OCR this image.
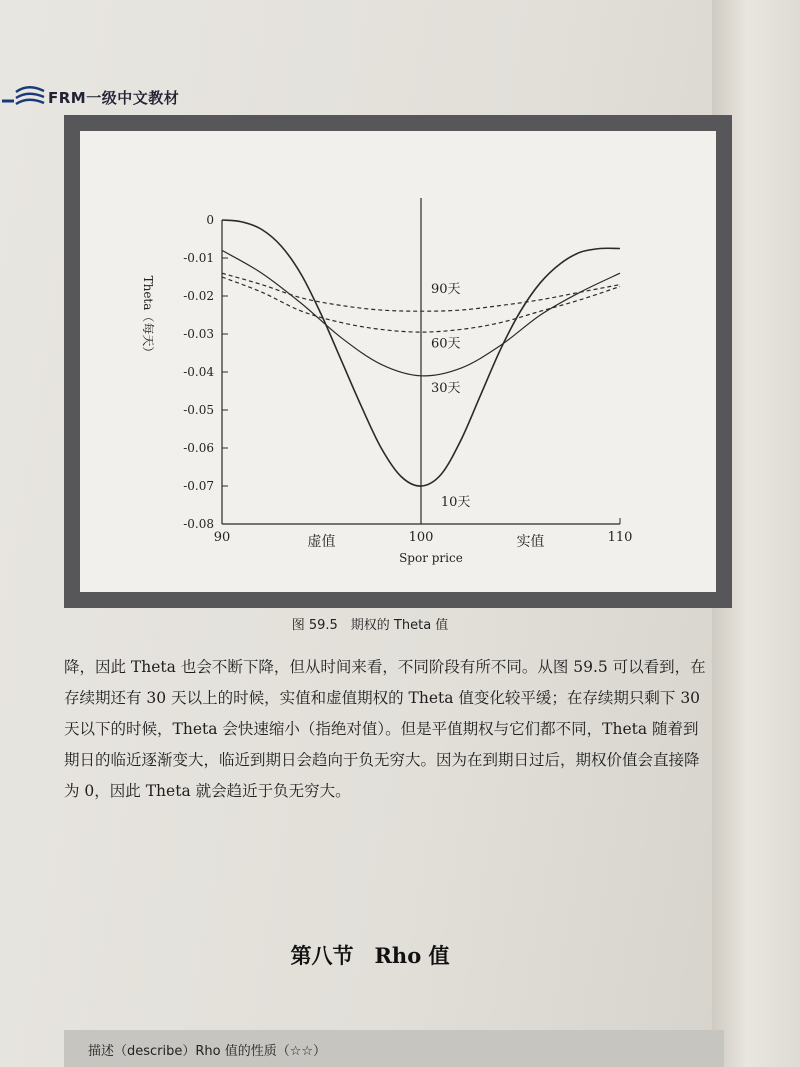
FRM一级中文教材
0
-0.01
-0.02
-0.03
-0.04
-0.05
-0.06
-0.07
-0.08
90	100	110
虚值	实值
Spor price
Theta（每天）	90天
60天
30天
10天
图 59.5　期权的 Theta 值

降，因此 Theta 也会不断下降，但从时间来看，不同阶段有所不同。从图 59.5 可以看到，在存续期还有 30 天以上的时候，实值和虚值期权的 Theta 值变化较平缓；在存续期只剩下 30 天以下的时候，Theta 会快速缩小（指绝对值）。但是平值期权与它们都不同，Theta 随着到期日的临近逐渐变大，临近到期日会趋向于负无穷大。因为在到期日过后，期权价值会直接降为 0，因此 Theta 就会趋近于负无穷大。

第八节　Rho 值
描述（describe）Rho 值的性质（☆☆）
